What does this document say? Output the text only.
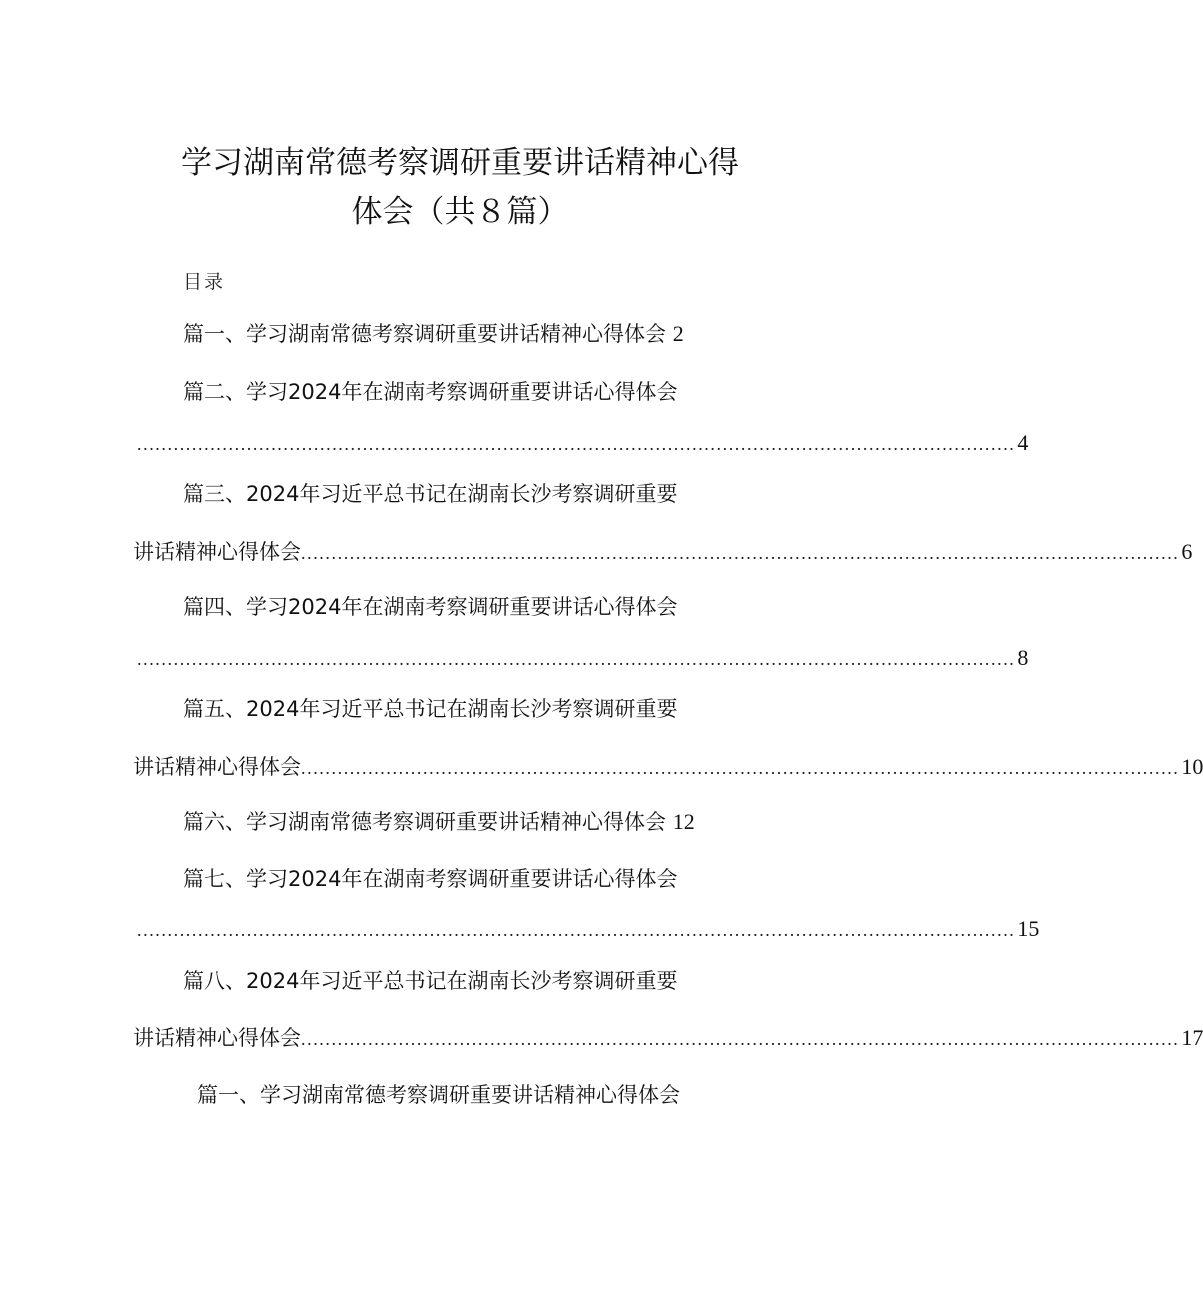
学习湖南常德考察调研重要讲话精神心得
体会（共８篇）
目录
篇一、学习湖南常德考察调研重要讲话精神心得体会 2
篇二、学习2024年在湖南考察调研重要讲话心得体会
................................................................................................................................................ 4
篇三、2024年习近平总书记在湖南长沙考察调研重要
讲话精神心得体会 ................................................................................................................................................ 6
篇四、学习2024年在湖南考察调研重要讲话心得体会
................................................................................................................................................ 8
篇五、2024年习近平总书记在湖南长沙考察调研重要
讲话精神心得体会 ................................................................................................................................................ 10
篇六、学习湖南常德考察调研重要讲话精神心得体会 12
篇七、学习2024年在湖南考察调研重要讲话心得体会
................................................................................................................................................ 15
篇八、2024年习近平总书记在湖南长沙考察调研重要
讲话精神心得体会 ................................................................................................................................................ 17
篇一、学习湖南常德考察调研重要讲话精神心得体会
